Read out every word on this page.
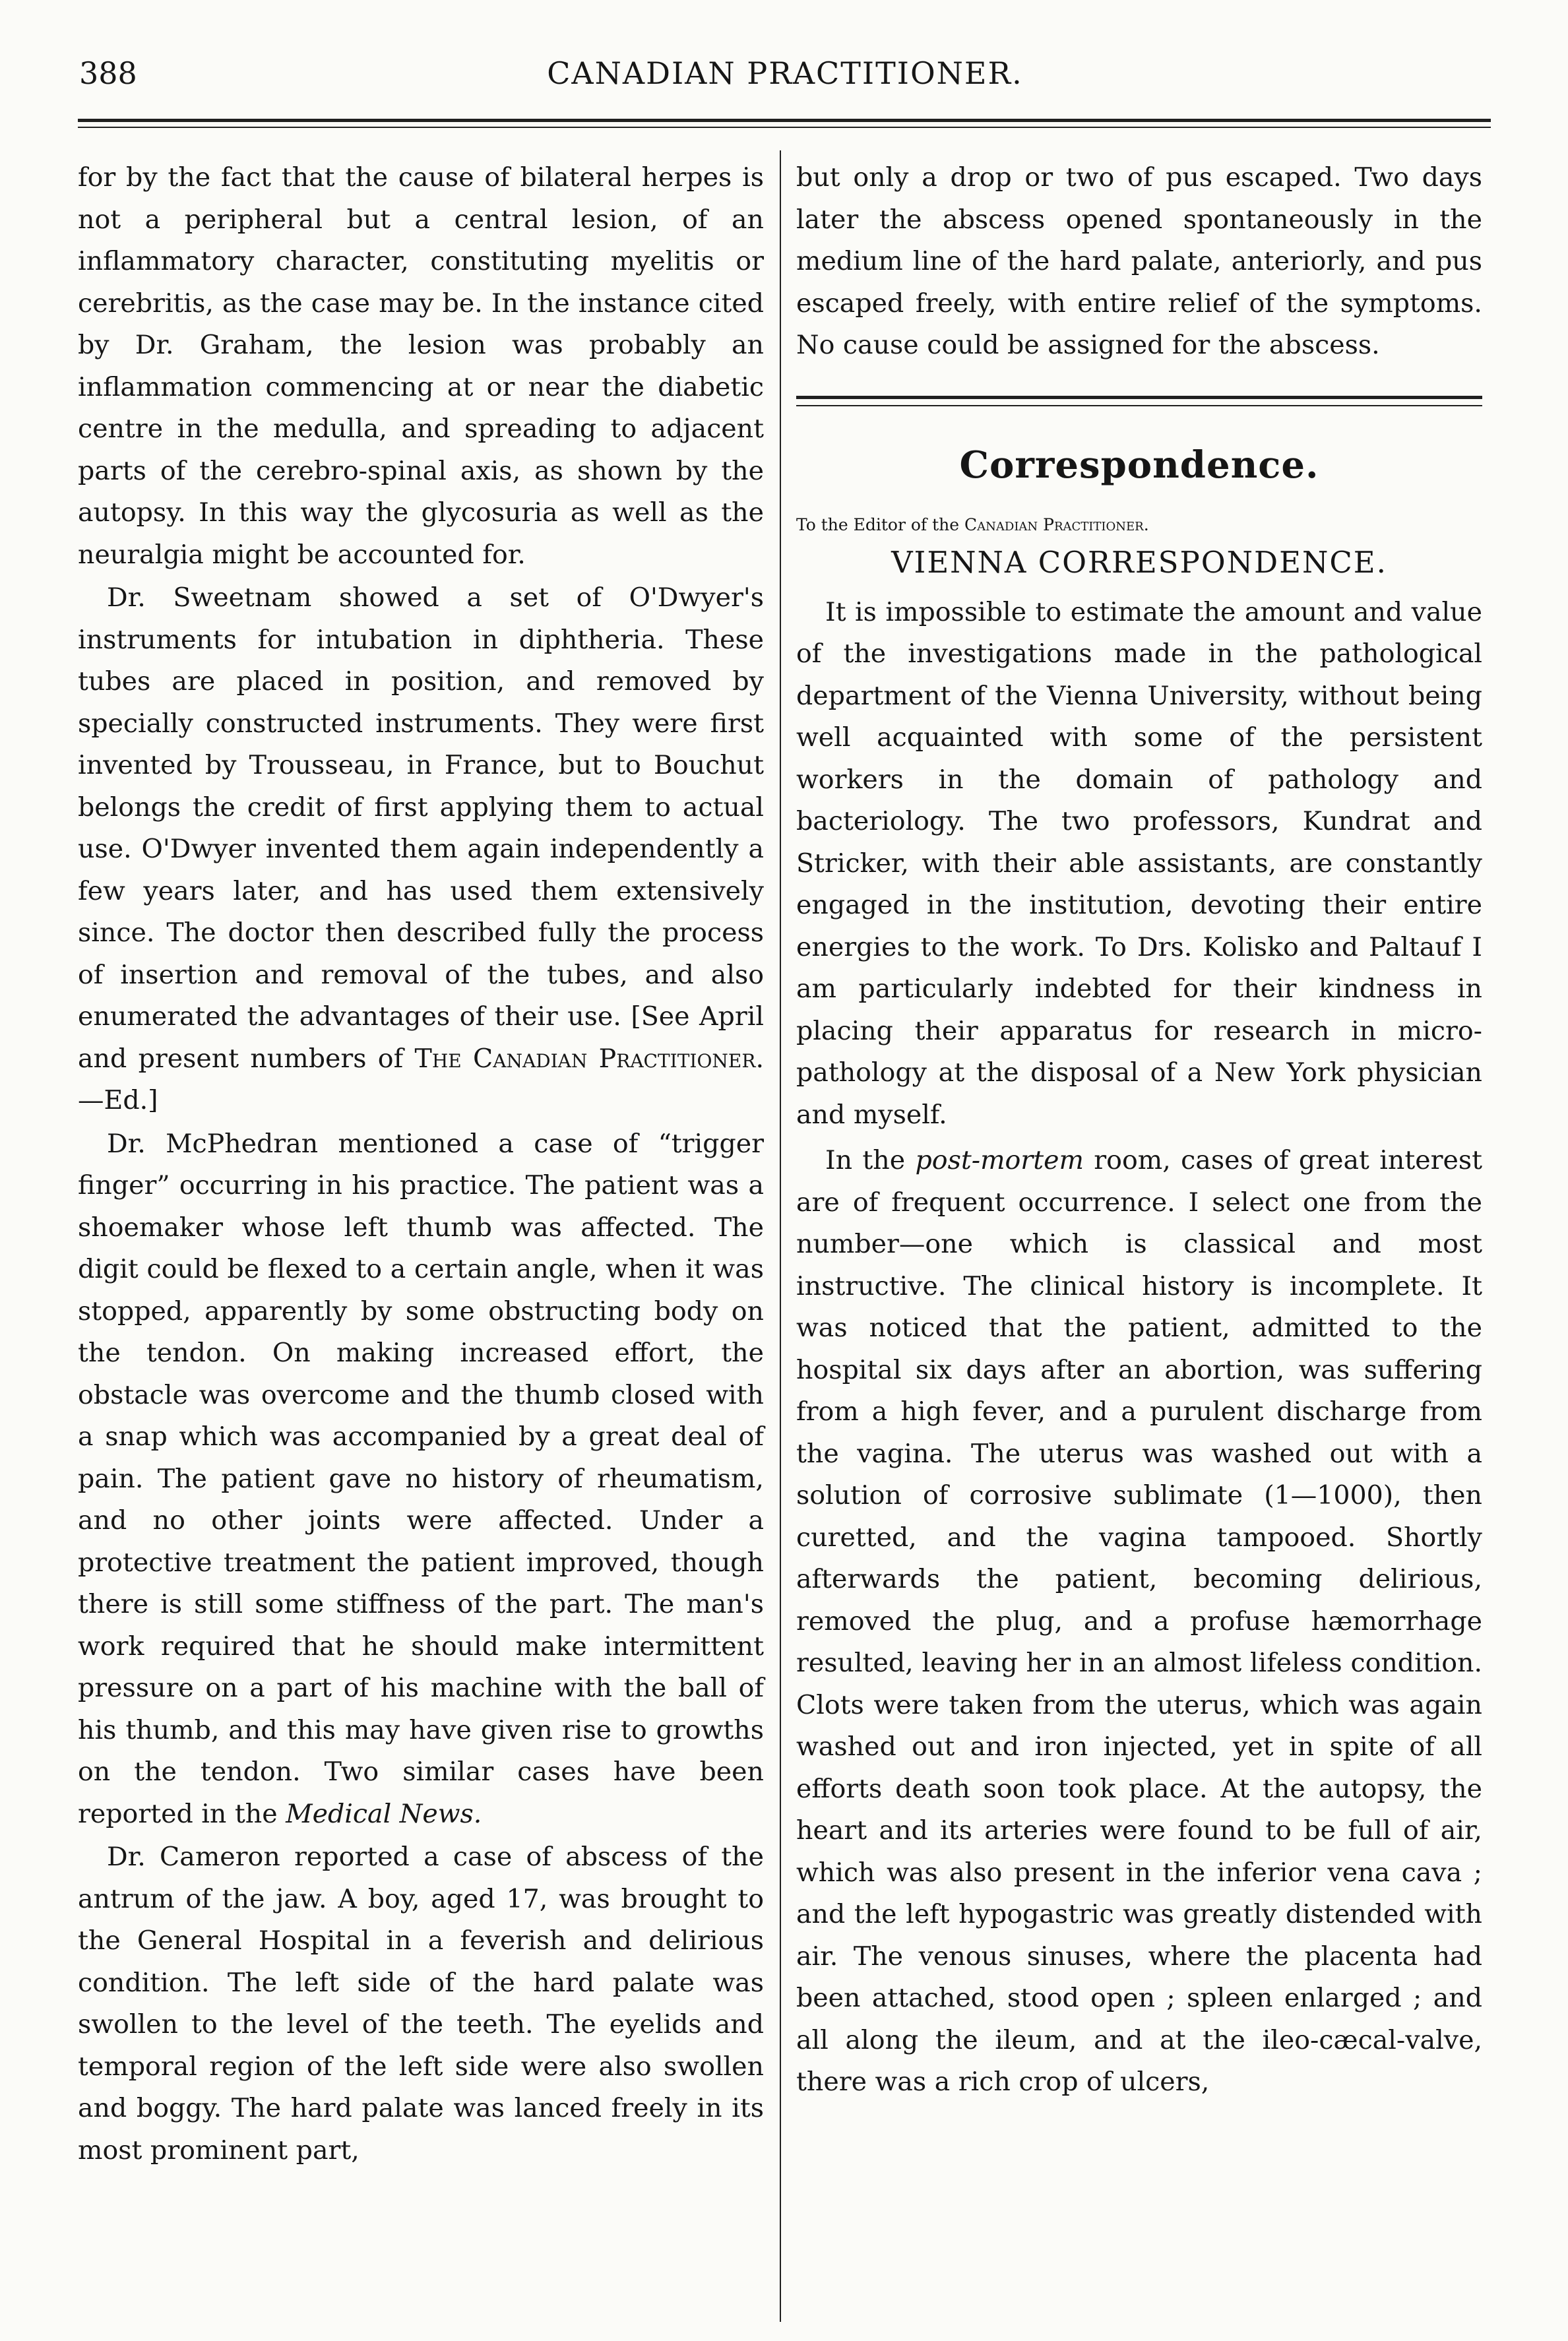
388	CANADIAN PRACTITIONER.

for by the fact that the cause of bilateral herpes is not a peripheral but a central lesion, of an inflammatory character, constituting myelitis or cerebritis, as the case may be. In the instance cited by Dr. Graham, the lesion was probably an inflammation commencing at or near the diabetic centre in the medulla, and spreading to adjacent parts of the cerebro-spinal axis, as shown by the autopsy. In this way the glycosuria as well as the neuralgia might be accounted for.

Dr. Sweetnam showed a set of O'Dwyer's instruments for intubation in diphtheria. These tubes are placed in position, and removed by specially constructed instruments. They were first invented by Trousseau, in France, but to Bouchut belongs the credit of first applying them to actual use. O'Dwyer invented them again independently a few years later, and has used them extensively since. The doctor then described fully the process of insertion and removal of the tubes, and also enumerated the advantages of their use. [See April and present numbers of The Canadian Practitioner.—Ed.]

Dr. McPhedran mentioned a case of “trigger finger” occurring in his practice. The patient was a shoemaker whose left thumb was affected. The digit could be flexed to a certain angle, when it was stopped, apparently by some obstructing body on the tendon. On making increased effort, the obstacle was overcome and the thumb closed with a snap which was accompanied by a great deal of pain. The patient gave no history of rheumatism, and no other joints were affected. Under a protective treatment the patient improved, though there is still some stiffness of the part. The man's work required that he should make intermittent pressure on a part of his machine with the ball of his thumb, and this may have given rise to growths on the tendon. Two similar cases have been reported in the Medical News.

Dr. Cameron reported a case of abscess of the antrum of the jaw. A boy, aged 17, was brought to the General Hospital in a feverish and delirious condition. The left side of the hard palate was swollen to the level of the teeth. The eyelids and temporal region of the left side were also swollen and boggy. The hard palate was lanced freely in its most prominent part,

but only a drop or two of pus escaped. Two days later the abscess opened spontaneously in the medium line of the hard palate, anteriorly, and pus escaped freely, with entire relief of the symptoms. No cause could be assigned for the abscess.

Correspondence.

To the Editor of the Canadian Practitioner.

VIENNA CORRESPONDENCE.

It is impossible to estimate the amount and value of the investigations made in the pathological department of the Vienna University, without being well acquainted with some of the persistent workers in the domain of pathology and bacteriology. The two professors, Kundrat and Stricker, with their able assistants, are constantly engaged in the institution, devoting their entire energies to the work. To Drs. Kolisko and Paltauf I am particularly indebted for their kindness in placing their apparatus for research in micro-pathology at the disposal of a New York physician and myself.

In the post-mortem room, cases of great interest are of frequent occurrence. I select one from the number—one which is classical and most instructive. The clinical history is incomplete. It was noticed that the patient, admitted to the hospital six days after an abortion, was suffering from a high fever, and a purulent discharge from the vagina. The uterus was washed out with a solution of corrosive sublimate (1—1000), then curetted, and the vagina tampooed. Shortly afterwards the patient, becoming delirious, removed the plug, and a profuse hæmorrhage resulted, leaving her in an almost lifeless condition. Clots were taken from the uterus, which was again washed out and iron injected, yet in spite of all efforts death soon took place. At the autopsy, the heart and its arteries were found to be full of air, which was also present in the inferior vena cava ; and the left hypogastric was greatly distended with air. The venous sinuses, where the placenta had been attached, stood open ; spleen enlarged ; and all along the ileum, and at the ileo-cæcal-valve, there was a rich crop of ulcers,
